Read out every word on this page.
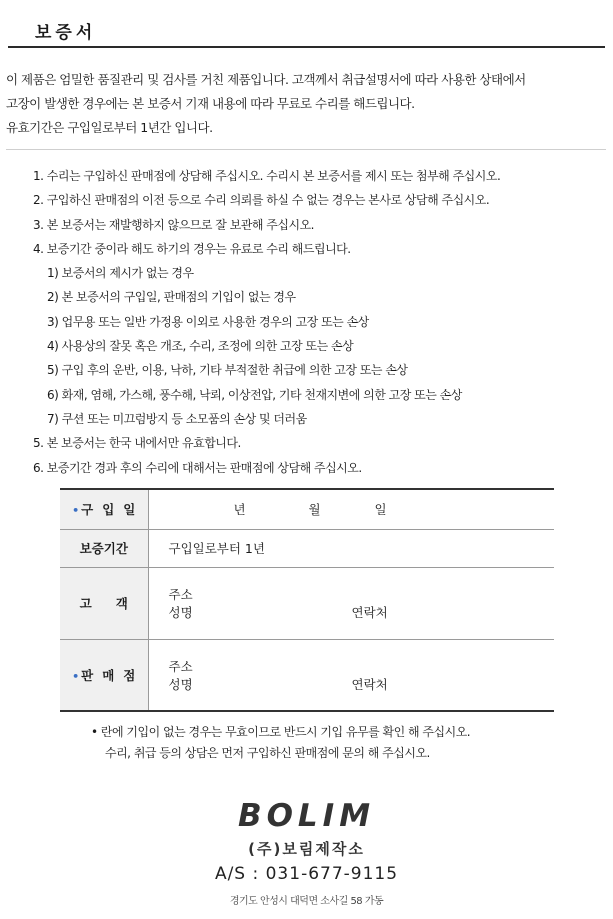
보증서

이 제품은 엄밀한 품질관리 및 검사를 거친 제품입니다. 고객께서 취급설명서에 따라 사용한 상태에서

고장이 발생한 경우에는 본 보증서 기재 내용에 따라 무료로 수리를 해드립니다.

유효기간은 구입일로부터 1년간 입니다.

1. 수리는 구입하신 판매점에 상담해 주십시오. 수리시 본 보증서를 제시 또는 첨부해 주십시오.
2. 구입하신 판매점의 이전 등으로 수리 의뢰를 하실 수 없는 경우는 본사로 상담해 주십시오.
3. 본 보증서는 재발행하지 않으므로 잘 보관해 주십시오.
4. 보증기간 중이라 해도 하기의 경우는 유료로 수리 해드립니다.
1) 보증서의 제시가 없는 경우
2) 본 보증서의 구입일, 판매점의 기입이 없는 경우
3) 업무용 또는 일반 가정용 이외로 사용한 경우의 고장 또는 손상
4) 사용상의 잘못 혹은 개조, 수리, 조정에 의한 고장 또는 손상
5) 구입 후의 운반, 이용, 낙하, 기타 부적절한 취급에 의한 고장 또는 손상
6) 화재, 염해, 가스해, 풍수해, 낙뢰, 이상전압, 기타 천재지변에 의한 고장 또는 손상
7) 쿠션 또는 미끄럼방지 등 소모품의 손상 및 더러움
5. 본 보증서는 한국 내에서만 유효합니다.
6. 보증기간 경과 후의 수리에 대해서는 판매점에 상담해 주십시오.
• 구입일	년 월 일

보증기간	구입일로부터 1년
고객	주소
성명 연락처

• 판매점	주소
성명 연락처

• 란에 기입이 없는 경우는 무효이므로 반드시 기입 유무를 확인 해 주십시오.

수리, 취급 등의 상담은 먼저 구입하신 판매점에 문의 해 주십시오.

BOLIM
(주)보림제작소
A/S : 031-677-9115
경기도 안성시 대덕면 소사길 58 가동
